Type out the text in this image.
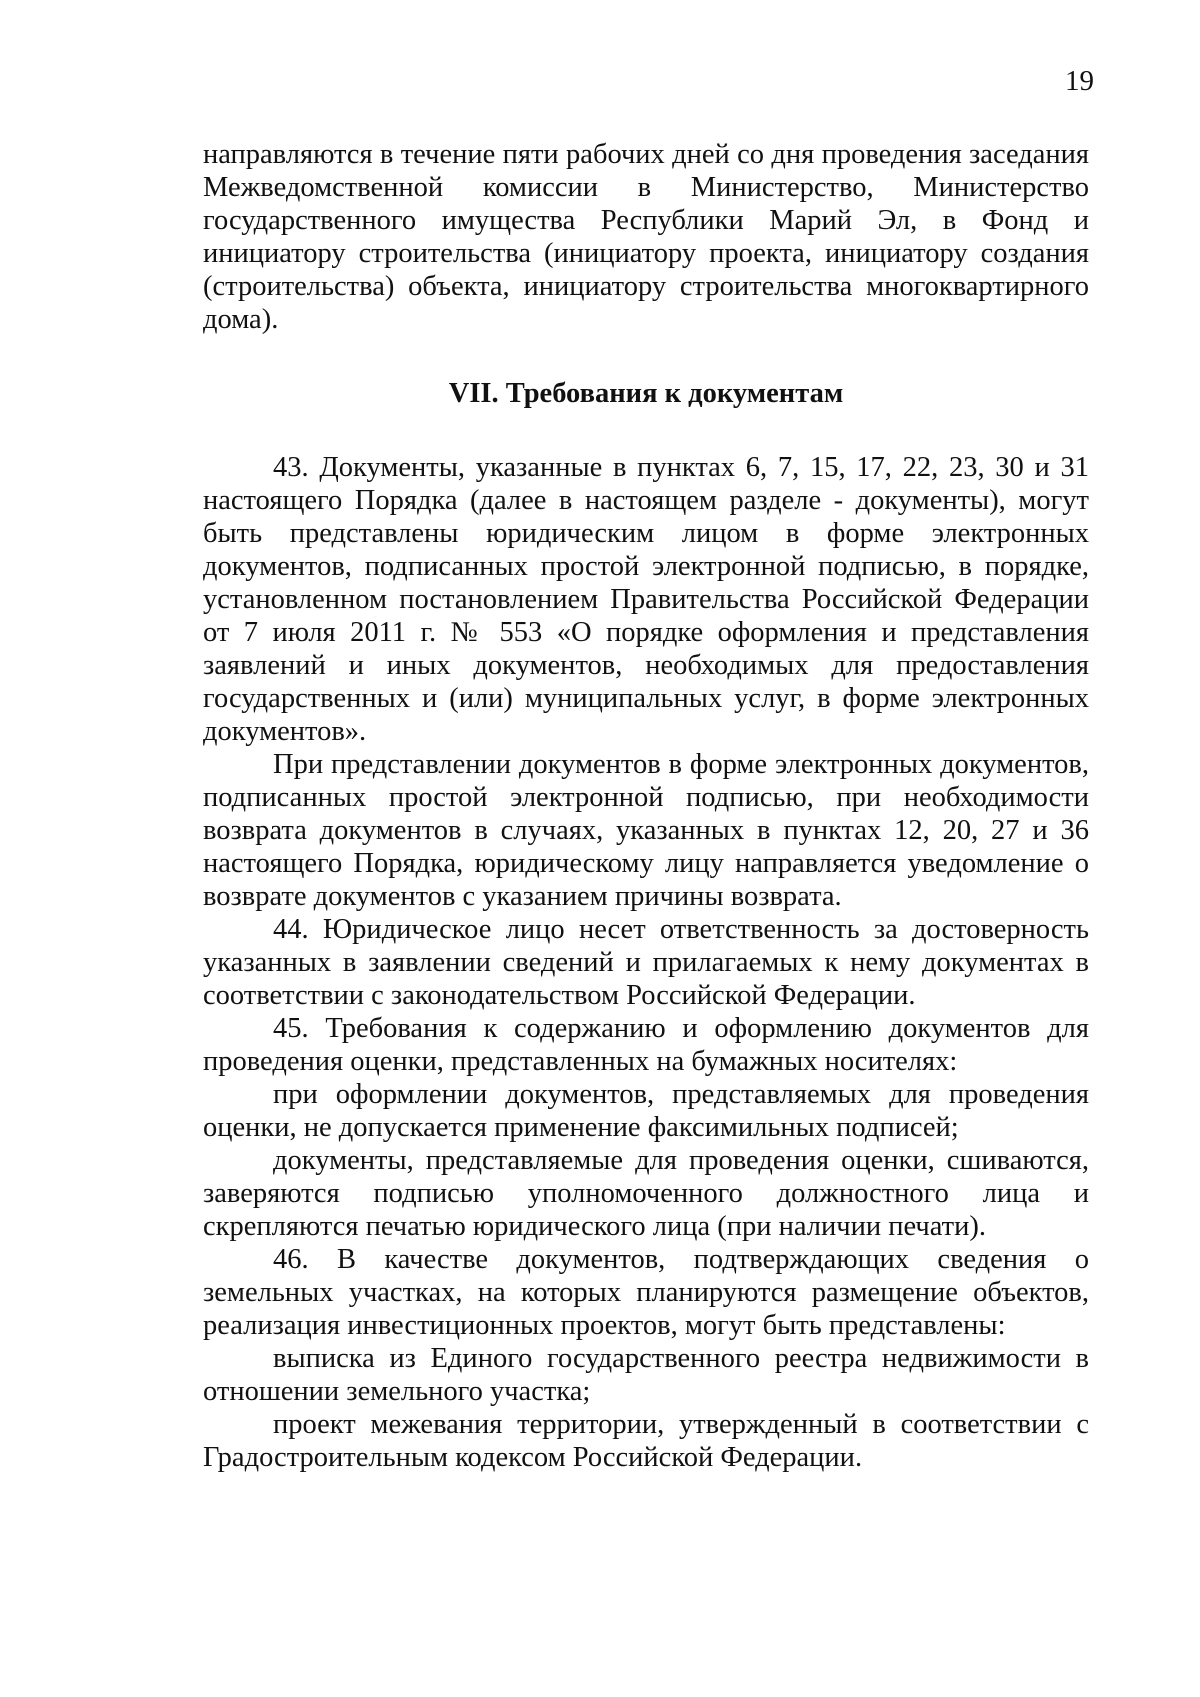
19

направляются в течение пяти рабочих дней со дня проведения заседания Межведомственной комиссии в Министерство, Министерство государственного имущества Республики Марий Эл, в Фонд и инициатору строительства (инициатору проекта, инициатору создания (строительства) объекта, инициатору строительства многоквартирного дома).

VII. Требования к документам

43. Документы, указанные в пунктах 6, 7, 15, 17, 22, 23, 30 и 31 настоящего Порядка (далее в настоящем разделе - документы), могут быть представлены юридическим лицом в форме электронных документов, подписанных простой электронной подписью, в порядке, установленном постановлением Правительства Российской Федерации от 7 июля 2011 г. № 553 «О порядке оформления и представления заявлений и иных документов, необходимых для предоставления государственных и (или) муниципальных услуг, в форме электронных документов».

При представлении документов в форме электронных документов, подписанных простой электронной подписью, при необходимости возврата документов в случаях, указанных в пунктах 12, 20, 27 и 36 настоящего Порядка, юридическому лицу направляется уведомление о возврате документов с указанием причины возврата.

44. Юридическое лицо несет ответственность за достоверность указанных в заявлении сведений и прилагаемых к нему документах в соответствии с законодательством Российской Федерации.

45. Требования к содержанию и оформлению документов для проведения оценки, представленных на бумажных носителях:

при оформлении документов, представляемых для проведения оценки, не допускается применение факсимильных подписей;

документы, представляемые для проведения оценки, сшиваются, заверяются подписью уполномоченного должностного лица и скрепляются печатью юридического лица (при наличии печати).

46. В качестве документов, подтверждающих сведения о земельных участках, на которых планируются размещение объектов, реализация инвестиционных проектов, могут быть представлены:

выписка из Единого государственного реестра недвижимости в отношении земельного участка;

проект межевания территории, утвержденный в соответствии с Градостроительным кодексом Российской Федерации.
